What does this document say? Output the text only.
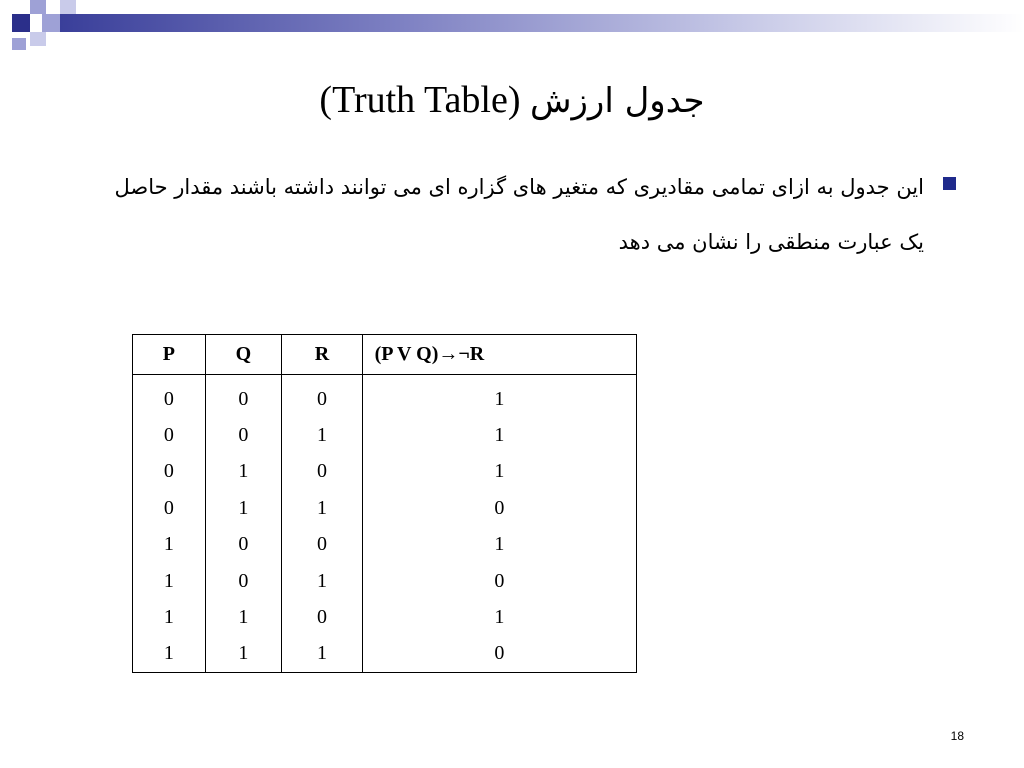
(Truth Table) جدول ارزش
این جدول به ازای تمامی مقادیری که متغیر های گزاره ای می توانند داشته باشند مقدار حاصل یک عبارت منطقی را نشان می دهد
P	Q	R	(P V Q)→¬R
0	0	0	1
0	0	1	1
0	1	0	1
0	1	1	0
1	0	0	1
1	0	1	0
1	1	0	1
1	1	1	0
18
